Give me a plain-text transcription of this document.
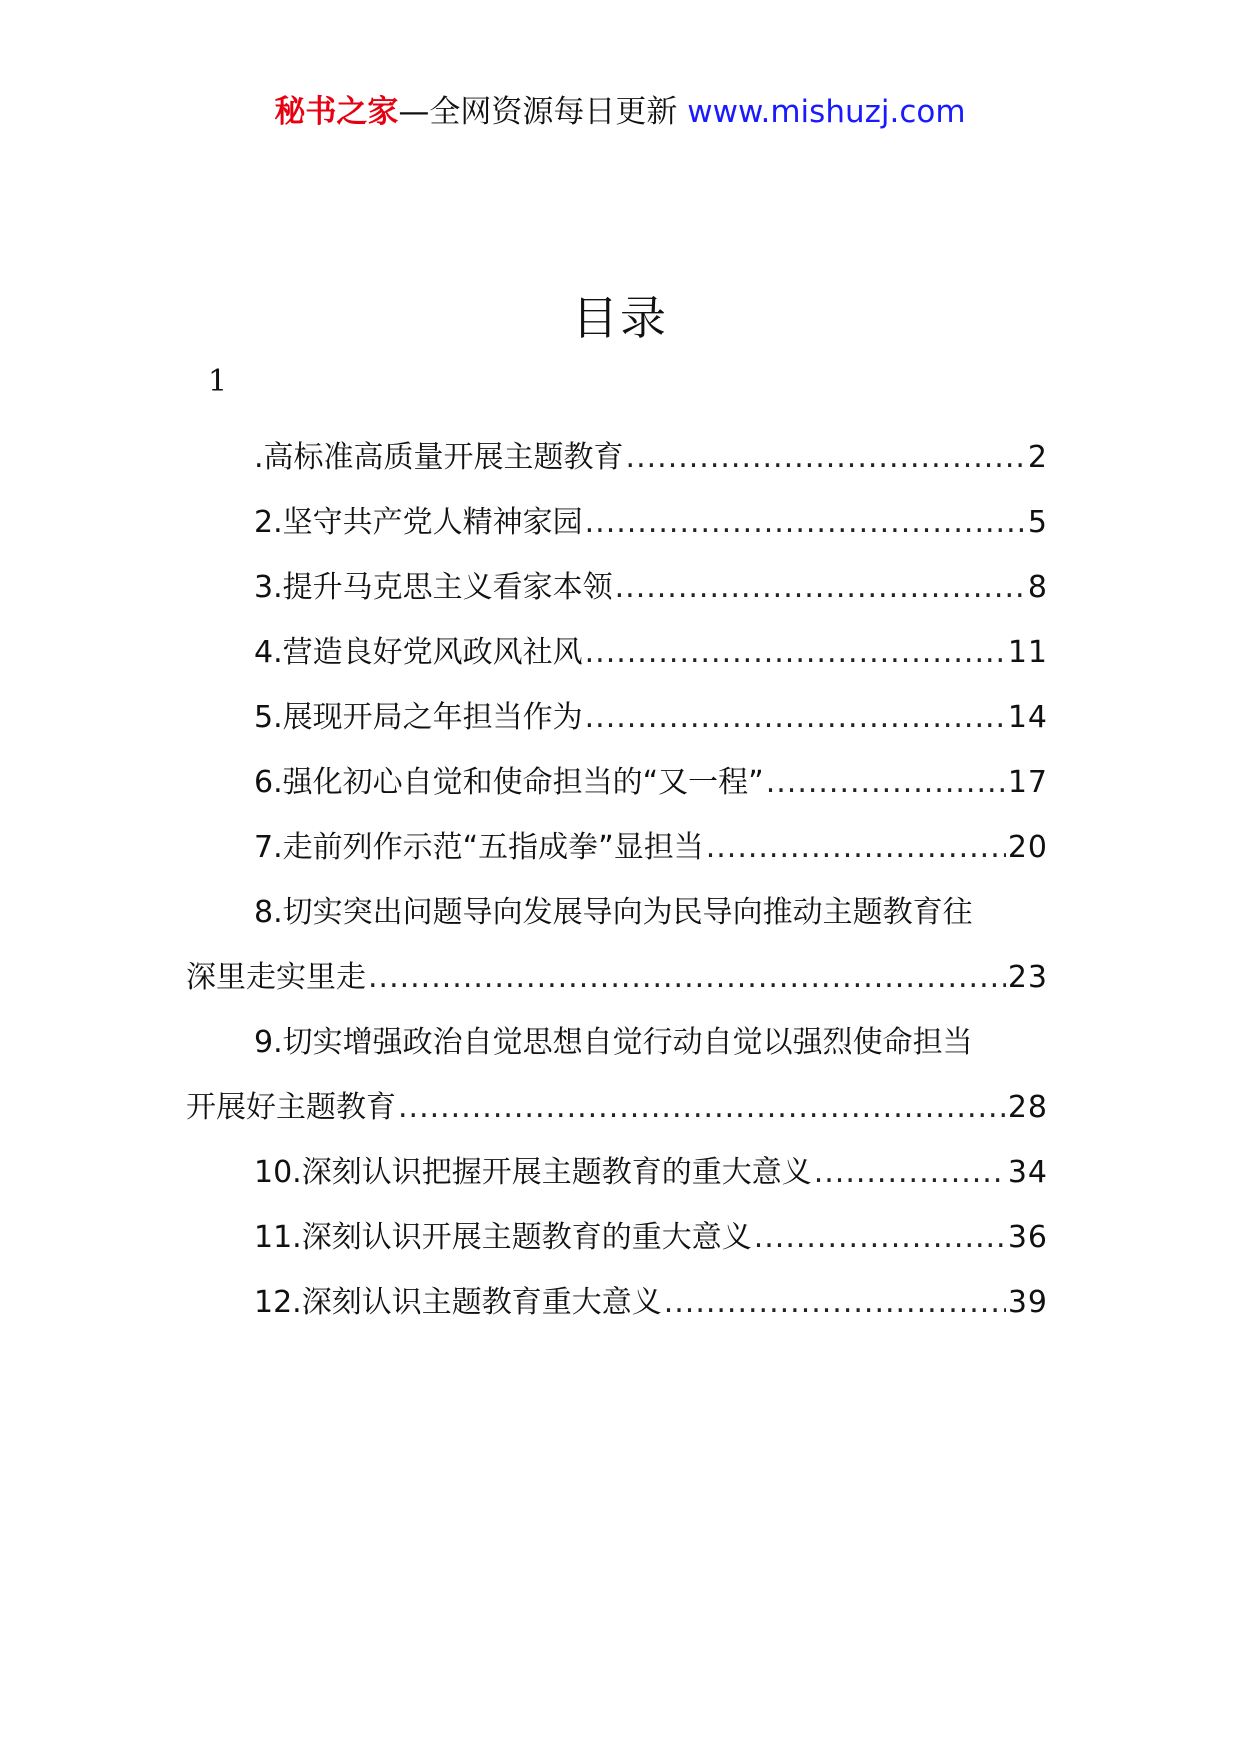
秘书之家—全网资源每日更新 www.mishuzj.com
目录
1
.高标准高质量开展主题教育 .....	2
2.坚守共产党人精神家园 .....	5
3.提升马克思主义看家本领 .....	8
4.营造良好党风政风社风 .....	11
5.展现开局之年担当作为 .....	14
6.强化初心自觉和使命担当的“又一程” .....	17
7.走前列作示范“五指成拳”显担当 .....	20
8.切实突出问题导向发展导向为民导向推动主题教育往
深里走实里走 .....	23
9.切实增强政治自觉思想自觉行动自觉以强烈使命担当
开展好主题教育 .....	28
10.深刻认识把握开展主题教育的重大意义 .....	34
11.深刻认识开展主题教育的重大意义 .....	36
12.深刻认识主题教育重大意义 .....	39
